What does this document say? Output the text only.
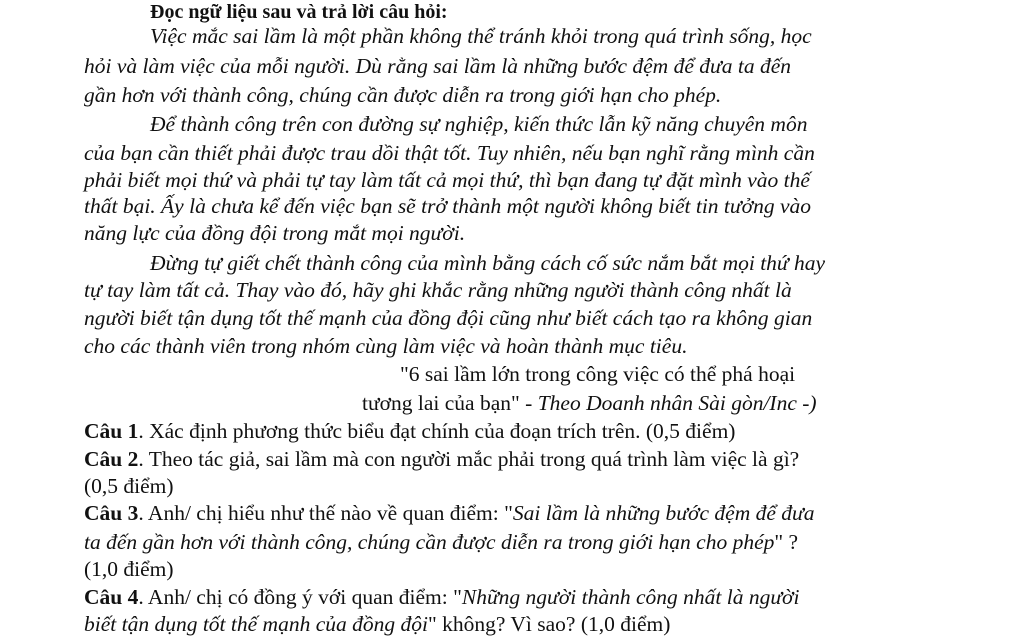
Đọc ngữ liệu sau và trả lời câu hỏi:
Việc mắc sai lầm là một phần không thể tránh khỏi trong quá trình sống, học
hỏi và làm việc của mỗi người. Dù rằng sai lầm là những bước đệm để đưa ta đến
gần hơn với thành công, chúng cần được diễn ra trong giới hạn cho phép.
Để thành công trên con đường sự nghiệp, kiến thức lẫn kỹ năng chuyên môn
của bạn cần thiết phải được trau dồi thật tốt. Tuy nhiên, nếu bạn nghĩ rằng mình cần
phải biết mọi thứ và phải tự tay làm tất cả mọi thứ, thì bạn đang tự đặt mình vào thế
thất bại. Ấy là chưa kể đến việc bạn sẽ trở thành một người không biết tin tưởng vào
năng lực của đồng đội trong mắt mọi người.
Đừng tự giết chết thành công của mình bằng cách cố sức nắm bắt mọi thứ hay
tự tay làm tất cả. Thay vào đó, hãy ghi khắc rằng những người thành công nhất là
người biết tận dụng tốt thế mạnh của đồng đội cũng như biết cách tạo ra không gian
cho các thành viên trong nhóm cùng làm việc và hoàn thành mục tiêu.
"6 sai lầm lớn trong công việc có thể phá hoại
tương lai của bạn" - Theo Doanh nhân Sài gòn/Inc -)
Câu 1. Xác định phương thức biểu đạt chính của đoạn trích trên. (0,5 điểm)
Câu 2. Theo tác giả, sai lầm mà con người mắc phải trong quá trình làm việc là gì?
(0,5 điểm)
Câu 3. Anh/ chị hiểu như thế nào về quan điểm: "Sai lầm là những bước đệm để đưa
ta đến gần hơn với thành công, chúng cần được diễn ra trong giới hạn cho phép" ?
(1,0 điểm)
Câu 4. Anh/ chị có đồng ý với quan điểm: "Những người thành công nhất là người
biết tận dụng tốt thế mạnh của đồng đội" không? Vì sao? (1,0 điểm)
